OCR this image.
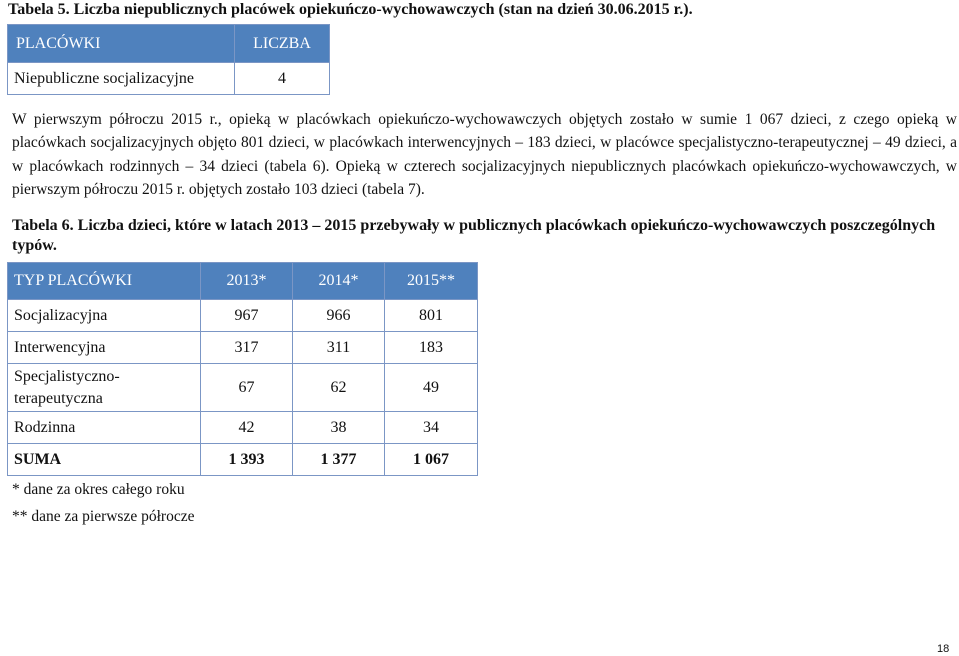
Tabela 5. Liczba niepublicznych placówek opiekuńczo-wychowawczych (stan na dzień 30.06.2015 r.).
PLACÓWKI	LICZBA
Niepubliczne socjalizacyjne	4
W pierwszym półroczu 2015 r., opieką w placówkach opiekuńczo-wychowawczych objętych zostało w sumie 1 067 dzieci, z czego opieką w placówkach socjalizacyjnych objęto 801 dzieci, w placówkach interwencyjnych – 183 dzieci, w placówce specjalistyczno-terapeutycznej – 49 dzieci, a w placówkach rodzinnych – 34 dzieci (tabela 6). Opieką w czterech socjalizacyjnych niepublicznych placówkach opiekuńczo-wychowawczych, w pierwszym półroczu 2015 r. objętych zostało 103 dzieci (tabela 7).
Tabela 6. Liczba dzieci, które w latach 2013 – 2015 przebywały w publicznych placówkach opiekuńczo-wychowawczych poszczególnych typów.
TYP PLACÓWKI	2013*	2014*	2015**
Socjalizacyjna	967	966	801
Interwencyjna	317	311	183
Specjalistyczno-terapeutyczna	67	62	49
Rodzinna	42	38	34
SUMA	1 393	1 377	1 067
* dane za okres całego roku
** dane za pierwsze półrocze
18
